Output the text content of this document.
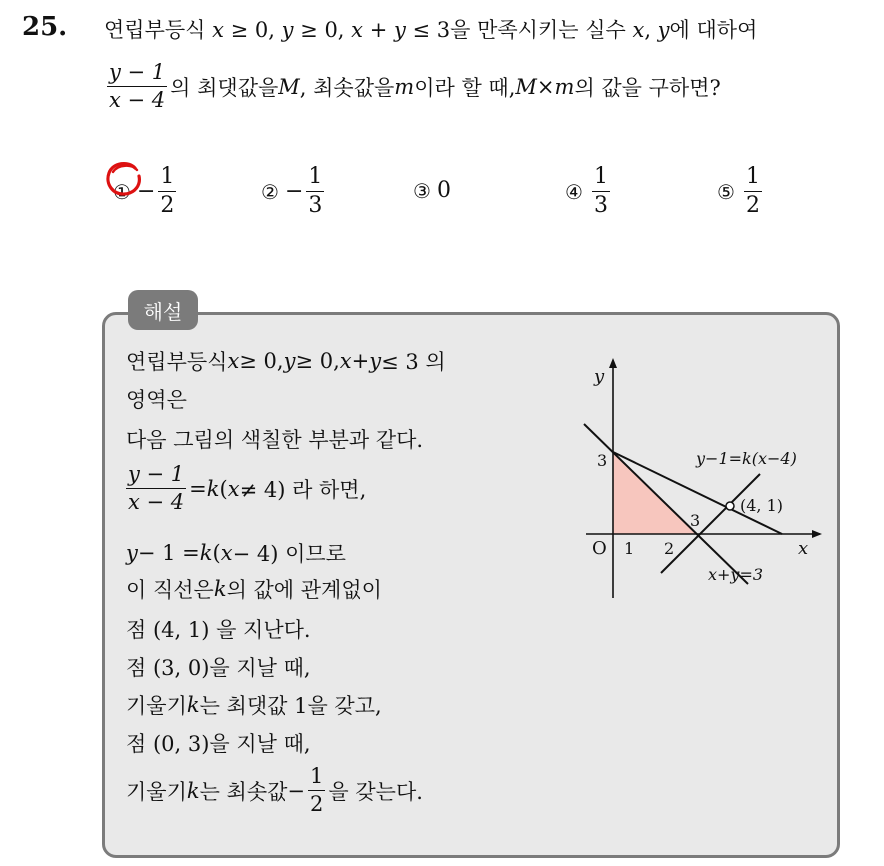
25. 연립부등식 x ≥ 0, y ≥ 0, x + y ≤ 3을 만족시키는 실수 x, y에 대하여
$\frac{y - 1}{x - 4}$ 의 최댓값을 M , 최솟값을 m 이라 할 때, M × m 의 값을 구하면?
① − $\frac{1}{2}$	② − $\frac{1}{3}$	③ 0	④ $\frac{1}{3}$	⑤ $\frac{1}{2}$
해설
연립부등식 x ≥ 0, y ≥ 0, x + y ≤ 3 의
영역은
다음 그림의 색칠한 부분과 같다.
$\frac{y - 1}{x - 4} = k$ ( x ≠ 4) 라 하면,
y − 1 = k ( x − 4) 이므로
이 직선은 k 의 값에 관계없이
점 (4, 1) 을 지난다.
점 (3, 0)을 지날 때,
기울기 k 는 최댓값 1을 갖고,
점 (0, 3)을 지날 때,
기울기 k 는 최솟값 − $\frac{1}{2}$ 을 갖는다.
y
x
O 1 2
3
3
(4, 1)
y−1=k(x−4)
x+y=3
